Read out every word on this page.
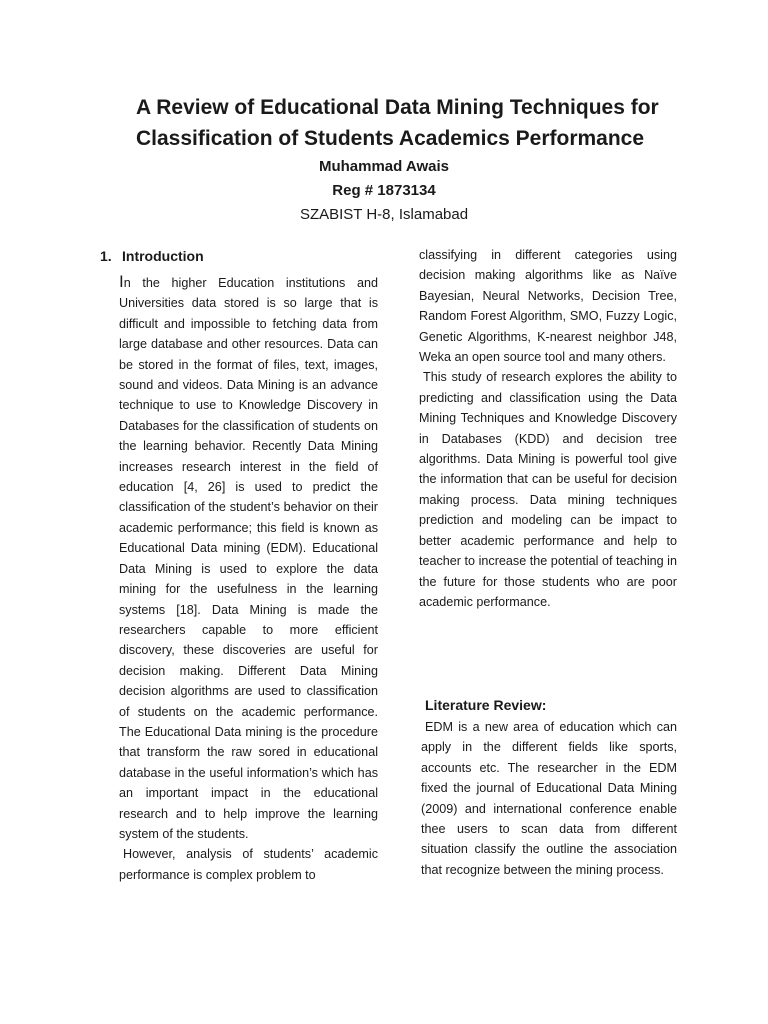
A Review of Educational Data Mining Techniques for
Classification of Students Academics Performance

Muhammad Awais

Reg # 1873134

SZABIST H-8, Islamabad

1. Introduction

In the higher Education institutions and Universities data stored is so large that is difficult and impossible to fetching data from large database and other resources. Data can be stored in the format of files, text, images, sound and videos. Data Mining is an advance technique to use to Knowledge Discovery in Databases for the classification of students on the learning behavior. Recently Data Mining increases research interest in the field of education [4, 26] is used to predict the classification of the student’s behavior on their academic performance; this field is known as Educational Data mining (EDM). Educational Data Mining is used to explore the data mining for the usefulness in the learning systems [18]. Data Mining is made the researchers capable to more efficient discovery, these discoveries are useful for decision making. Different Data Mining decision algorithms are used to classification of students on the academic performance. The Educational Data mining is the procedure that transform the raw sored in educational database in the useful information’s which has an important impact in the educational research and to help improve the learning system of the students.

However, analysis of students’ academic performance is complex problem to

classifying in different categories using decision making algorithms like as Naïve Bayesian, Neural Networks, Decision Tree, Random Forest Algorithm, SMO, Fuzzy Logic, Genetic Algorithms, K-nearest neighbor J48, Weka an open source tool and many others.

This study of research explores the ability to predicting and classification using the Data Mining Techniques and Knowledge Discovery in Databases (KDD) and decision tree algorithms. Data Mining is powerful tool give the information that can be useful for decision making process. Data mining techniques prediction and modeling can be impact to better academic performance and help to teacher to increase the potential of teaching in the future for those students who are poor academic performance.

Literature Review:

EDM is a new area of education which can apply in the different fields like sports, accounts etc. The researcher in the EDM fixed the journal of Educational Data Mining (2009) and international conference enable thee users to scan data from different situation classify the outline the association that recognize between the mining process.
